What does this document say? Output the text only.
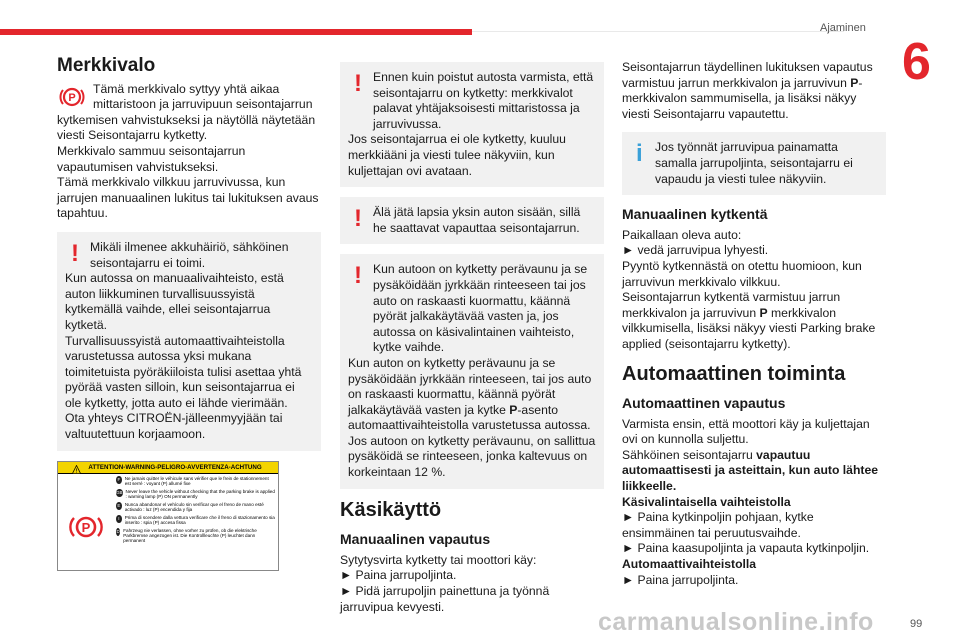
Ajaminen
6
Merkkivalo
P

Tämä merkkivalo syttyy yhtä aikaa mittaristoon ja jarruvipuun seisontajarrun kytkemisen vahvistukseksi ja näytöllä näytetään viesti Seisontajarru kytketty.

Merkkivalo sammuu seisontajarrun vapautumisen vahvistukseksi.

Tämä merkkivalo vilkkuu jarruvivussa, kun jarrujen manuaalinen lukitus tai lukituksen avaus tapahtuu.

! Mikäli ilmenee akkuhäiriö, sähköinen seisontajarru ei toimi.

Kun autossa on manuaalivaihteisto, estä auton liikkuminen turvallisuussyistä kytkemällä vaihde, ellei seisontajarrua kytketä.

Turvallisuussyistä automaattivaihteistolla varustetussa autossa yksi mukana toimitetuista pyöräkiiloista tulisi asettaa yhtä pyörää vasten silloin, kun seisontajarrua ei ole kytketty, jotta auto ei lähde vierimään.

Ota yhteys CITROËN-jälleenmyyjään tai valtuutettuun korjaamoon.

ATTENTION-WARNING-PELIGRO-AVVERTENZA-ACHTUNG
!
P
F Ne jamais quitter le véhicule sans vérifier que le frein de stationnement est serré : voyant (P) allumé fixe

GB Never leave the vehicle without checking that the parking brake is applied : warning lamp (P) ON permanently

E Nunca abandonar el vehículo sin verificar que el freno de mano esté activado : luz (P) encendida y fija

I	Prima di scendere dalla vettura verificare che il freno di stazionamento sia inserito : spia (P) accesa fissa

D Fahrzeug nie verlassen, ohne vorher zu prüfen, ob die elektrische Parkbremse angezogen ist. Die Kontrollleuchte (P) leuchtet dann permanent

! Ennen kuin poistut autosta varmista, että seisontajarru on kytketty: merkkivalot palavat yhtäjaksoisesti mittaristossa ja jarruvivussa.

Jos seisontajarrua ei ole kytketty, kuuluu merkkiääni ja viesti tulee näkyviin, kun kuljettajan ovi avataan.

! Älä jätä lapsia yksin auton sisään, sillä he saattavat vapauttaa seisontajarrun.

! Kun autoon on kytketty perävaunu ja se pysäköidään jyrkkään rinteeseen tai jos auto on raskaasti kuormattu, käännä pyörät jalkakäytävää vasten ja, jos autossa on käsivalintainen vaihteisto, kytke vaihde.

Kun auton on kytketty perävaunu ja se pysäköidään jyrkkään rinteeseen, tai jos auto on raskaasti kuormattu, käännä pyörät jalkakäytävää vasten ja kytke P-asento automaattivaihteistolla varustetussa autossa.

Jos autoon on kytketty perävaunu, on sallittua pysäköidä se rinteeseen, jonka kaltevuus on korkeintaan 12 %.

Käsikäyttö
Manuaalinen vapautus

Sytytysvirta kytketty tai moottori käy:

► Paina jarrupoljinta.

► Pidä jarrupoljin painettuna ja työnnä jarruvipua kevyesti.

Seisontajarrun täydellinen lukituksen vapautus varmistuu jarrun merkkivalon ja jarruvivun P-merkkivalon sammumisella, ja lisäksi näkyy viesti Seisontajarru vapautettu.

i	Jos työnnät jarruvipua painamatta samalla jarrupoljinta, seisontajarru ei vapaudu ja viesti tulee näkyviin.

Manuaalinen kytkentä

Paikallaan oleva auto:

► vedä jarruvipua lyhyesti.

Pyyntö kytkennästä on otettu huomioon, kun jarruvivun merkkivalo vilkkuu.

Seisontajarrun kytkentä varmistuu jarrun merkkivalon ja jarruvivun P merkkivalon vilkkumisella, lisäksi näkyy viesti Parking brake applied (seisontajarru kytketty).

Automaattinen toiminta
Automaattinen vapautus

Varmista ensin, että moottori käy ja kuljettajan ovi on kunnolla suljettu.

Sähköinen seisontajarru vapautuu automaattisesti ja asteittain, kun auto lähtee liikkeelle.

Käsivalintaisella vaihteistolla

► Paina kytkinpoljin pohjaan, kytke ensimmäinen tai peruutusvaihde.

► Paina kaasupoljinta ja vapauta kytkinpoljin.

Automaattivaihteistolla

► Paina jarrupoljinta.

carmanualsonline.info	99
